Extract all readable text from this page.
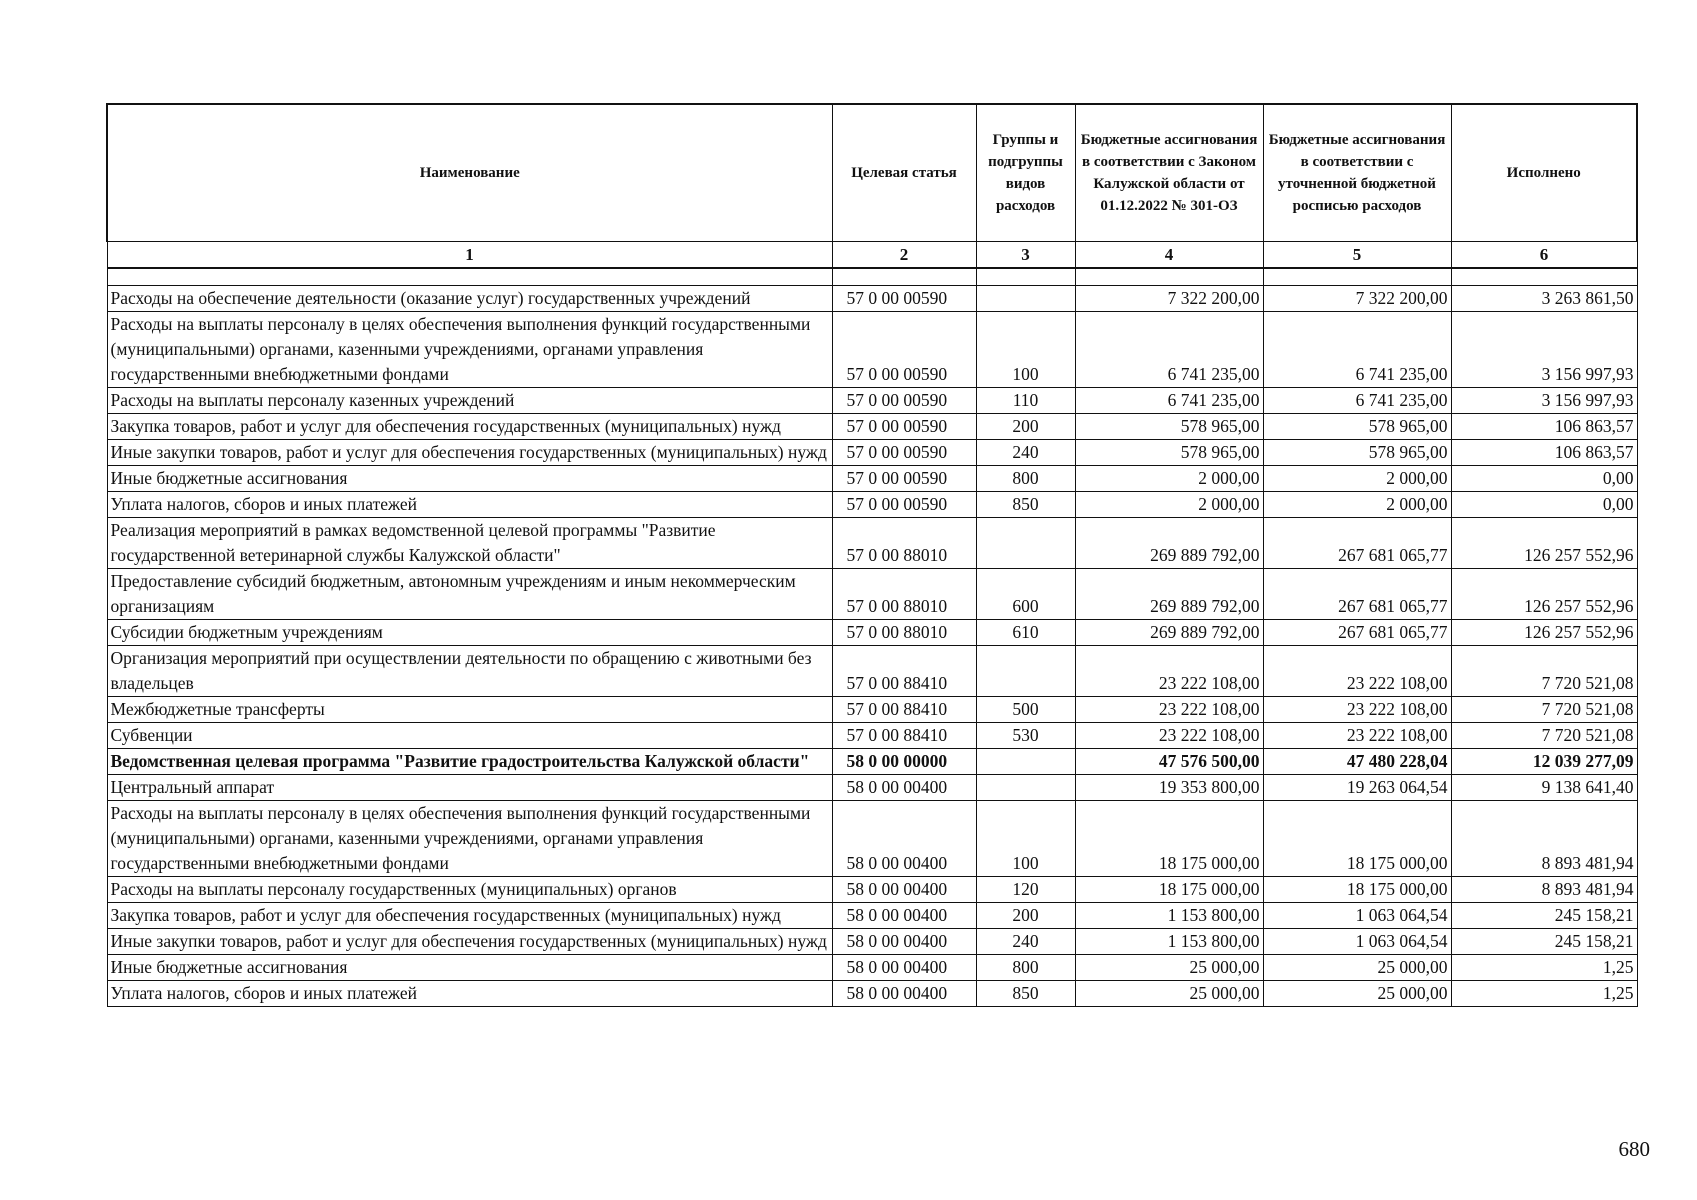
Наименование	Целевая статья	Группы и подгруппы видов расходов	Бюджетные ассигнования в соответствии с Законом Калужской области от 01.12.2022 № 301-ОЗ	Бюджетные ассигнования в соответствии с уточненной бюджетной росписью расходов	Исполнено
1	2	3	4	5	6

Расходы на обеспечение деятельности (оказание услуг) государственных учреждений	57 0 00 00590		7 322 200,00	7 322 200,00	3 263 861,50
Расходы на выплаты персоналу в целях обеспечения выполнения функций государственными (муниципальными) органами, казенными учреждениями, органами управления государственными внебюджетными фондами	57 0 00 00590	100	6 741 235,00	6 741 235,00	3 156 997,93
Расходы на выплаты персоналу казенных учреждений	57 0 00 00590	110	6 741 235,00	6 741 235,00	3 156 997,93
Закупка товаров, работ и услуг для обеспечения государственных (муниципальных) нужд	57 0 00 00590	200	578 965,00	578 965,00	106 863,57
Иные закупки товаров, работ и услуг для обеспечения государственных (муниципальных) нужд	57 0 00 00590	240	578 965,00	578 965,00	106 863,57
Иные бюджетные ассигнования	57 0 00 00590	800	2 000,00	2 000,00	0,00
Уплата налогов, сборов и иных платежей	57 0 00 00590	850	2 000,00	2 000,00	0,00
Реализация мероприятий в рамках ведомственной целевой программы "Развитие государственной ветеринарной службы Калужской области"	57 0 00 88010		269 889 792,00	267 681 065,77	126 257 552,96
Предоставление субсидий бюджетным, автономным учреждениям и иным некоммерческим организациям	57 0 00 88010	600	269 889 792,00	267 681 065,77	126 257 552,96
Субсидии бюджетным учреждениям	57 0 00 88010	610	269 889 792,00	267 681 065,77	126 257 552,96
Организация мероприятий при осуществлении деятельности по обращению с животными без владельцев	57 0 00 88410		23 222 108,00	23 222 108,00	7 720 521,08
Межбюджетные трансферты	57 0 00 88410	500	23 222 108,00	23 222 108,00	7 720 521,08
Субвенции	57 0 00 88410	530	23 222 108,00	23 222 108,00	7 720 521,08
Ведомственная целевая программа "Развитие градостроительства Калужской области"	58 0 00 00000		47 576 500,00	47 480 228,04	12 039 277,09
Центральный аппарат	58 0 00 00400		19 353 800,00	19 263 064,54	9 138 641,40
Расходы на выплаты персоналу в целях обеспечения выполнения функций государственными (муниципальными) органами, казенными учреждениями, органами управления государственными внебюджетными фондами	58 0 00 00400	100	18 175 000,00	18 175 000,00	8 893 481,94
Расходы на выплаты персоналу государственных (муниципальных) органов	58 0 00 00400	120	18 175 000,00	18 175 000,00	8 893 481,94
Закупка товаров, работ и услуг для обеспечения государственных (муниципальных) нужд	58 0 00 00400	200	1 153 800,00	1 063 064,54	245 158,21
Иные закупки товаров, работ и услуг для обеспечения государственных (муниципальных) нужд	58 0 00 00400	240	1 153 800,00	1 063 064,54	245 158,21
Иные бюджетные ассигнования	58 0 00 00400	800	25 000,00	25 000,00	1,25
Уплата налогов, сборов и иных платежей	58 0 00 00400	850	25 000,00	25 000,00	1,25
680
